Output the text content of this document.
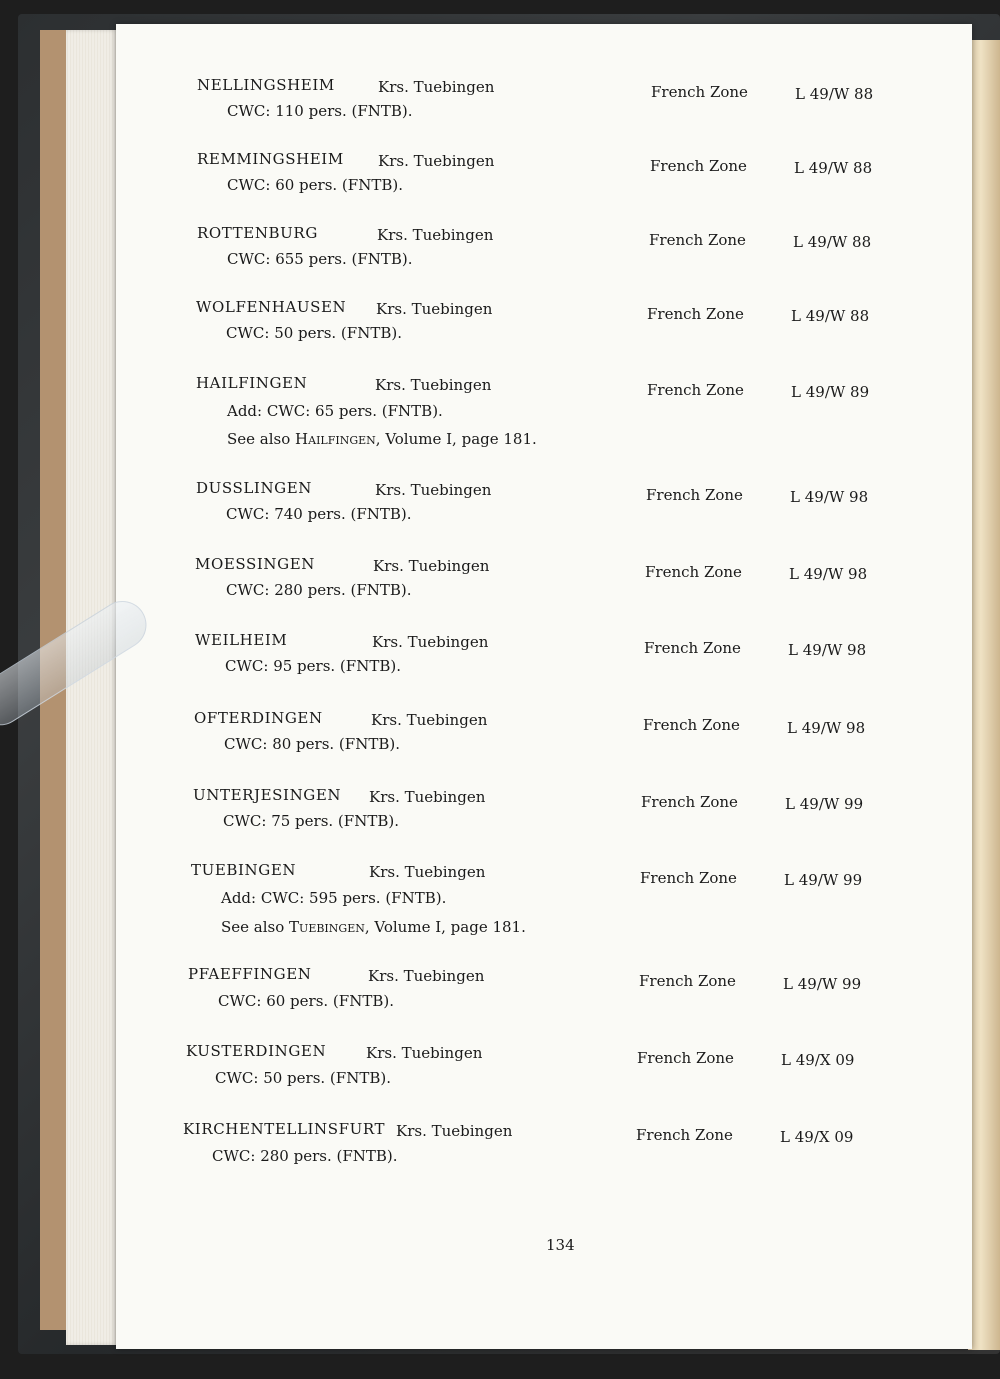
NELLINGSHEIM	Krs. Tuebingen	French Zone	L 49/W 88
CWC: 110 pers. (FNTB).
REMMINGSHEIM Krs. Tuebingen	French Zone	L 49/W 88
CWC: 60 pers. (FNTB).
ROTTENBURG	Krs. Tuebingen	French Zone	L 49/W 88
CWC: 655 pers. (FNTB).
WOLFENHAUSEN Krs. Tuebingen	French Zone	L 49/W 88
CWC: 50 pers. (FNTB).
HAILFINGEN	Krs. Tuebingen	French Zone	L 49/W 89
Add: CWC: 65 pers. (FNTB).
See also Hailfingen, Volume I, page 181.
DUSSLINGEN	Krs. Tuebingen	French Zone	L 49/W 98
CWC: 740 pers. (FNTB).
MOESSINGEN	Krs. Tuebingen	French Zone	L 49/W 98
CWC: 280 pers. (FNTB).
WEILHEIM	Krs. Tuebingen	French Zone	L 49/W 98
CWC: 95 pers. (FNTB).
OFTERDINGEN	Krs. Tuebingen	French Zone	L 49/W 98
CWC: 80 pers. (FNTB).
UNTERJESINGEN Krs. Tuebingen	French Zone	L 49/W 99
CWC: 75 pers. (FNTB).
TUEBINGEN	Krs. Tuebingen	French Zone	L 49/W 99
Add: CWC: 595 pers. (FNTB).
See also Tuebingen, Volume I, page 181.
PFAEFFINGEN	Krs. Tuebingen	French Zone	L 49/W 99
CWC: 60 pers. (FNTB).
KUSTERDINGEN	Krs. Tuebingen	French Zone	L 49/X 09
CWC: 50 pers. (FNTB).
KIRCHENTELLINSFURT Krs. Tuebingen	French Zone	L 49/X 09
CWC: 280 pers. (FNTB).
134
